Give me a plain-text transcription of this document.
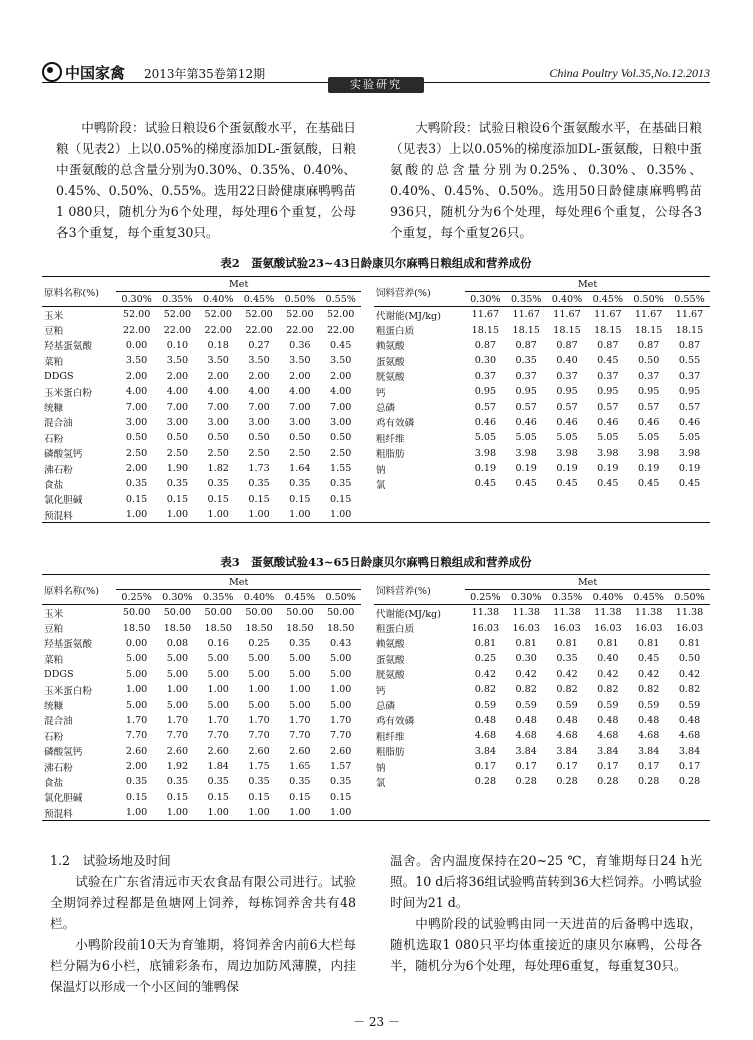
中国家禽 2013年第35卷第12期	China Poultry Vol.35,No.12.2013
实验研究

中鸭阶段：试验日粮设6个蛋氨酸水平，在基础日粮（见表2）上以0.05%的梯度添加DL-蛋氨酸，日粮中蛋氨酸的总含量分别为0.30%、0.35%、0.40%、0.45%、0.50%、0.55%。选用22日龄健康麻鸭鸭苗1 080只，随机分为6个处理，每处理6个重复，公母各3个重复，每个重复30只。

大鸭阶段：试验日粮设6个蛋氨酸水平，在基础日粮（见表3）上以0.05%的梯度添加DL-蛋氨酸，日粮中蛋氨酸的总含量分别为0.25%、0.30%、0.35%、0.40%、0.45%、0.50%。选用50日龄健康麻鸭鸭苗936只，随机分为6个处理，每处理6个重复，公母各3个重复，每个重复26只。

表2　蛋氨酸试验23~43日龄康贝尔麻鸭日粮组成和营养成份
原料名称(%)	Met							饲料营养(%)	Met					
	0.30%	0.35%	0.40%	0.45%	0.50%	0.55%			0.30%	0.35%	0.40%	0.45%	0.50%	0.55%
玉米	52.00	52.00	52.00	52.00	52.00	52.00		代谢能(MJ/kg)	11.67	11.67	11.67	11.67	11.67	11.67
豆粕	22.00	22.00	22.00	22.00	22.00	22.00		粗蛋白质	18.15	18.15	18.15	18.15	18.15	18.15
羟基蛋氨酸	0.00	0.10	0.18	0.27	0.36	0.45		赖氨酸	0.87	0.87	0.87	0.87	0.87	0.87
菜粕	3.50	3.50	3.50	3.50	3.50	3.50		蛋氨酸	0.30	0.35	0.40	0.45	0.50	0.55
DDGS	2.00	2.00	2.00	2.00	2.00	2.00		胱氨酸	0.37	0.37	0.37	0.37	0.37	0.37
玉米蛋白粉	4.00	4.00	4.00	4.00	4.00	4.00		钙	0.95	0.95	0.95	0.95	0.95	0.95
统糠	7.00	7.00	7.00	7.00	7.00	7.00		总磷	0.57	0.57	0.57	0.57	0.57	0.57
混合油	3.00	3.00	3.00	3.00	3.00	3.00		鸡有效磷	0.46	0.46	0.46	0.46	0.46	0.46
石粉	0.50	0.50	0.50	0.50	0.50	0.50		粗纤维	5.05	5.05	5.05	5.05	5.05	5.05
磷酸氢钙	2.50	2.50	2.50	2.50	2.50	2.50		粗脂肪	3.98	3.98	3.98	3.98	3.98	3.98
沸石粉	2.00	1.90	1.82	1.73	1.64	1.55		钠	0.19	0.19	0.19	0.19	0.19	0.19
食盐	0.35	0.35	0.35	0.35	0.35	0.35		氯	0.45	0.45	0.45	0.45	0.45	0.45
氯化胆碱	0.15	0.15	0.15	0.15	0.15	0.15								
预混料	1.00	1.00	1.00	1.00	1.00	1.00								
表3　蛋氨酸试验43~65日龄康贝尔麻鸭日粮组成和营养成份
原料名称(%)	Met							饲料营养(%)	Met					
	0.25%	0.30%	0.35%	0.40%	0.45%	0.50%			0.25%	0.30%	0.35%	0.40%	0.45%	0.50%
玉米	50.00	50.00	50.00	50.00	50.00	50.00		代谢能(MJ/kg)	11.38	11.38	11.38	11.38	11.38	11.38
豆粕	18.50	18.50	18.50	18.50	18.50	18.50		粗蛋白质	16.03	16.03	16.03	16.03	16.03	16.03
羟基蛋氨酸	0.00	0.08	0.16	0.25	0.35	0.43		赖氨酸	0.81	0.81	0.81	0.81	0.81	0.81
菜粕	5.00	5.00	5.00	5.00	5.00	5.00		蛋氨酸	0.25	0.30	0.35	0.40	0.45	0.50
DDGS	5.00	5.00	5.00	5.00	5.00	5.00		胱氨酸	0.42	0.42	0.42	0.42	0.42	0.42
玉米蛋白粉	1.00	1.00	1.00	1.00	1.00	1.00		钙	0.82	0.82	0.82	0.82	0.82	0.82
统糠	5.00	5.00	5.00	5.00	5.00	5.00		总磷	0.59	0.59	0.59	0.59	0.59	0.59
混合油	1.70	1.70	1.70	1.70	1.70	1.70		鸡有效磷	0.48	0.48	0.48	0.48	0.48	0.48
石粉	7.70	7.70	7.70	7.70	7.70	7.70		粗纤维	4.68	4.68	4.68	4.68	4.68	4.68
磷酸氢钙	2.60	2.60	2.60	2.60	2.60	2.60		粗脂肪	3.84	3.84	3.84	3.84	3.84	3.84
沸石粉	2.00	1.92	1.84	1.75	1.65	1.57		钠	0.17	0.17	0.17	0.17	0.17	0.17
食盐	0.35	0.35	0.35	0.35	0.35	0.35		氯	0.28	0.28	0.28	0.28	0.28	0.28
氯化胆碱	0.15	0.15	0.15	0.15	0.15	0.15								
预混料	1.00	1.00	1.00	1.00	1.00	1.00								

1.2　试验场地及时间

试验在广东省清远市天农食品有限公司进行。试验全期饲养过程都是鱼塘网上饲养，每栋饲养舍共有48栏。

小鸭阶段前10天为育雏期，将饲养舍内前6大栏每栏分隔为6小栏，底铺彩条布，周边加防风薄膜，内挂保温灯以形成一个小区间的雏鸭保

温舍。舍内温度保持在20~25 ℃，育雏期每日24 h光照。10 d后将36组试验鸭苗转到36大栏饲养。小鸭试验时间为21 d。

中鸭阶段的试验鸭由同一天进苗的后备鸭中选取，随机选取1 080只平均体重接近的康贝尔麻鸭，公母各半，随机分为6个处理，每处理6重复，每重复30只。

－ 23 －
